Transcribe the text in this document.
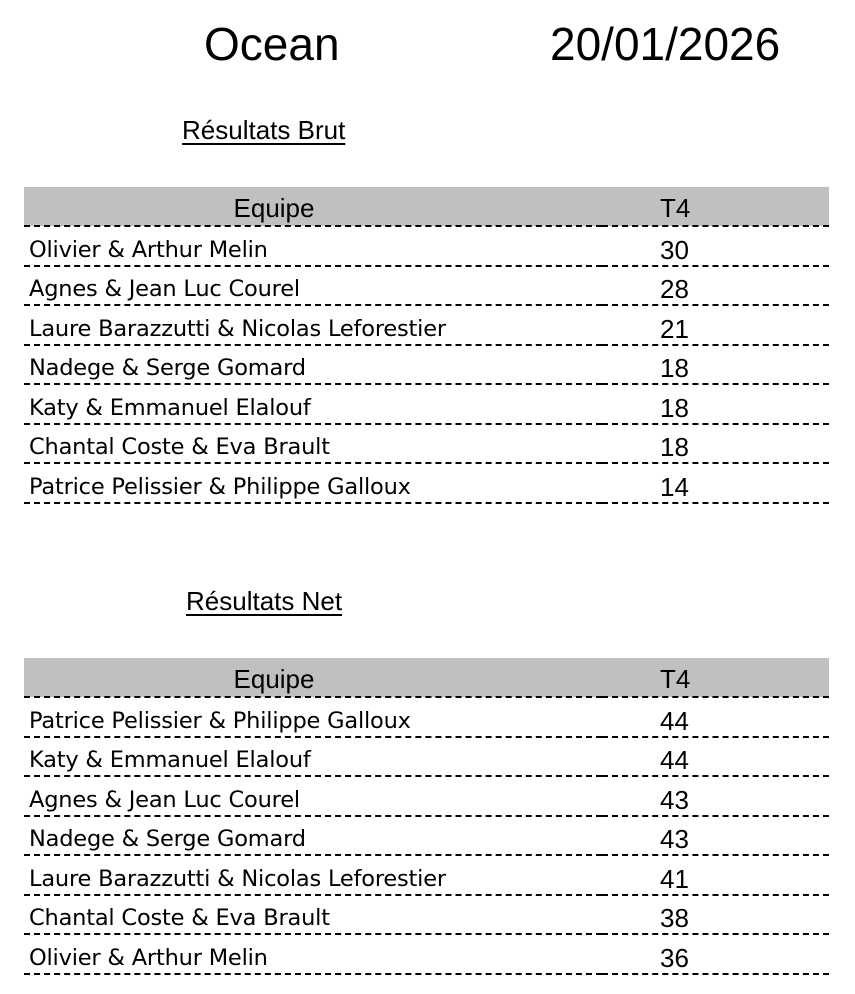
Ocean	20/01/2026
Résultats Brut
Equipe	T4
Olivier & Arthur Melin	30
Agnes & Jean Luc Courel	28
Laure Barazzutti & Nicolas Leforestier	21
Nadege & Serge Gomard	18
Katy & Emmanuel Elalouf	18
Chantal Coste & Eva Brault	18
Patrice Pelissier & Philippe Galloux	14
Résultats Net
Equipe	T4
Patrice Pelissier & Philippe Galloux	44
Katy & Emmanuel Elalouf	44
Agnes & Jean Luc Courel	43
Nadege & Serge Gomard	43
Laure Barazzutti & Nicolas Leforestier	41
Chantal Coste & Eva Brault	38
Olivier & Arthur Melin	36
